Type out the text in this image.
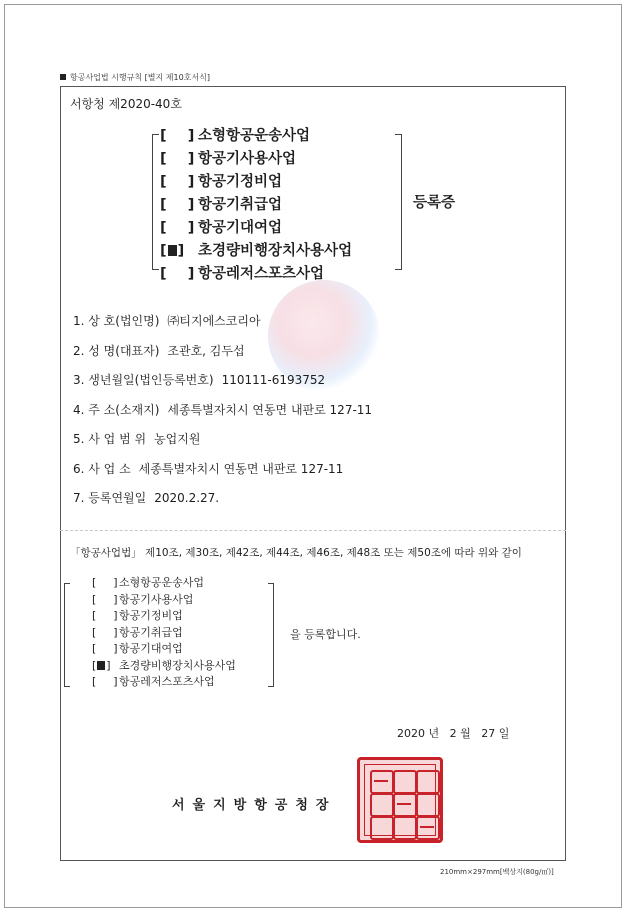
항공사업법 시행규칙 [별지 제10호서식]
서항청 제2020-40호
[ ] 소형항공운송사업
[ ] 항공기사용사업
[ ] 항공기정비업
[ ] 항공기취급업
[ ] 항공기대여업
[ ] 초경량비행장치사용사업
[ ] 항공레저스포츠사업
등록증
1. 상 호(법인명) ㈜티지에스코리아
2. 성 명(대표자) 조관호, 김두섭
3. 생년월일(법인등록번호) 110111-6193752
4. 주 소(소재지) 세종특별자치시 연동면 내판로 127-11
5. 사 업 범 위 농업지원
6. 사 업 소 세종특별자치시 연동면 내판로 127-11
7. 등록연월일 2020.2.27.
「항공사업법」 제10조, 제30조, 제42조, 제44조, 제46조, 제48조 또는 제50조에 따라 위와 같이
[ ]소형항공운송사업
[ ]항공기사용사업
[ ]항공기정비업
[ ]항공기취급업
[ ]항공기대여업
[ ] 초경량비행장치사용사업
[ ]항공레저스포츠사업
을 등록합니다.
2020 년 2 월 27 일
서울지방항공청장
210mm×297mm[백상지(80g/㎡)]
